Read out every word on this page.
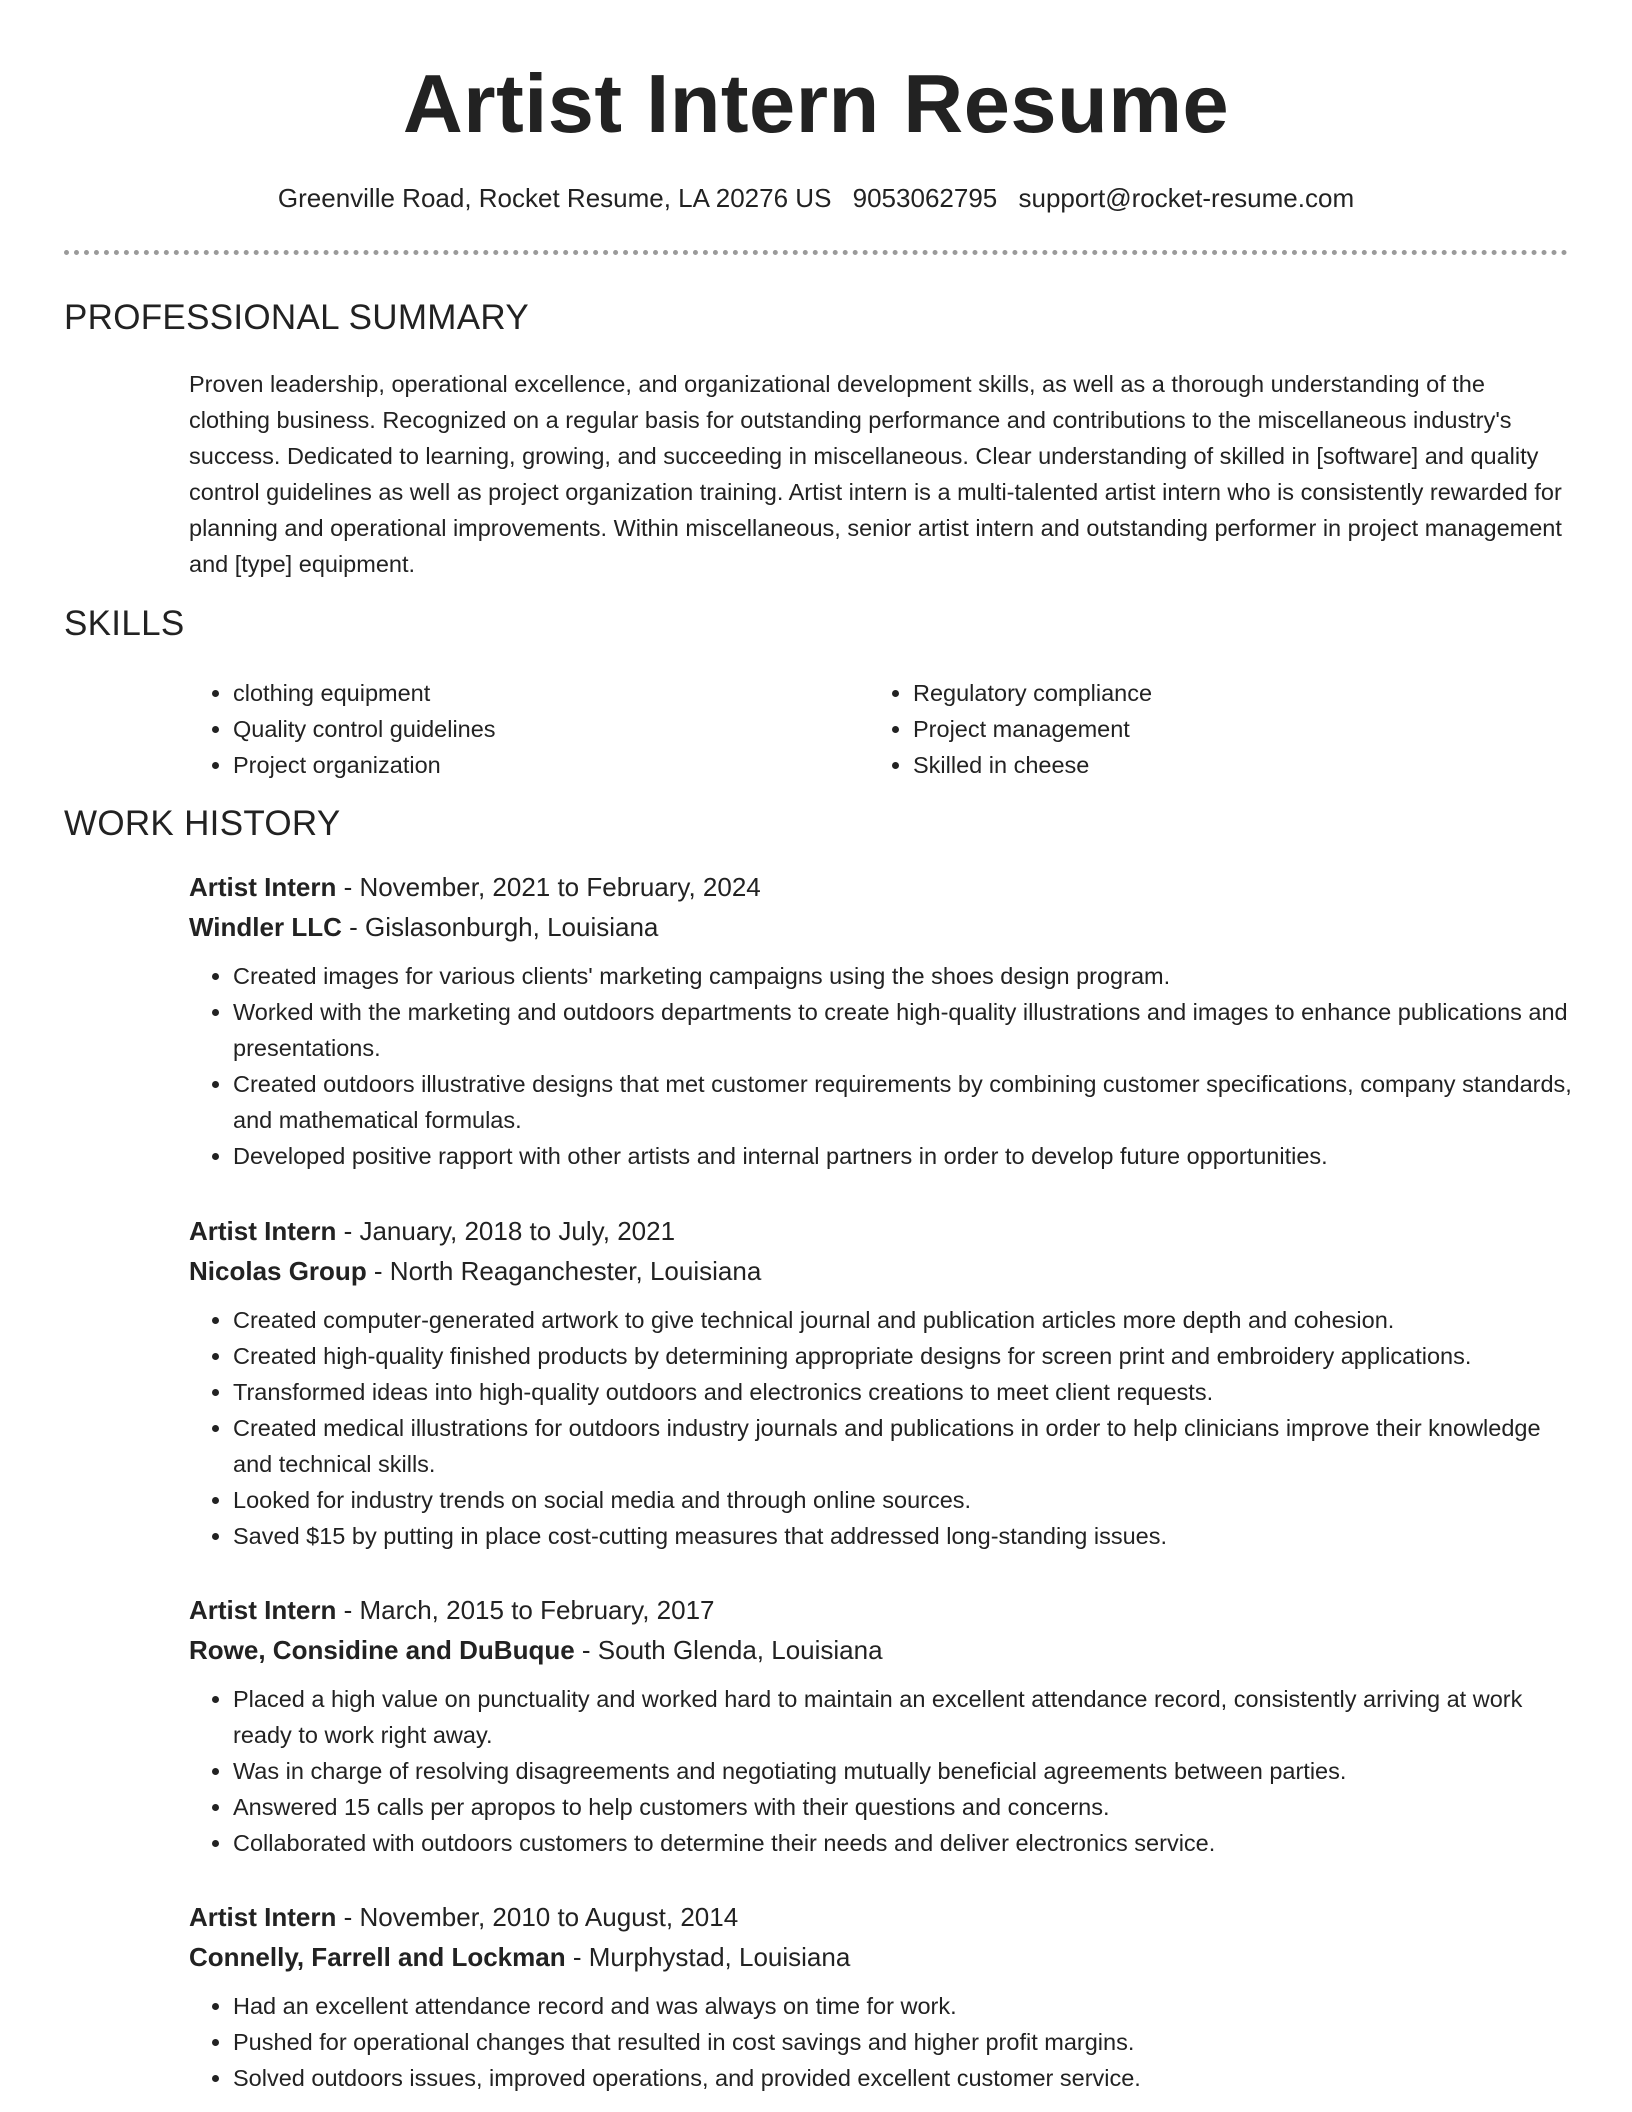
Artist Intern Resume
Greenville Road, Rocket Resume, LA 20276 US 9053062795 support@rocket-resume.com
PROFESSIONAL SUMMARY

Proven leadership, operational excellence, and organizational development skills, as well as a thorough understanding of the clothing business. Recognized on a regular basis for outstanding performance and contributions to the miscellaneous industry's success. Dedicated to learning, growing, and succeeding in miscellaneous. Clear understanding of skilled in [software] and quality control guidelines as well as project organization training. Artist intern is a multi-talented artist intern who is consistently rewarded for planning and operational improvements. Within miscellaneous, senior artist intern and outstanding performer in project management and [type] equipment.

SKILLS
• clothing equipment
• Quality control guidelines
• Project organization
• Regulatory compliance
• Project management
• Skilled in cheese
WORK HISTORY

Artist Intern - November, 2021 to February, 2024

Windler LLC - Gislasonburgh, Louisiana

• Created images for various clients' marketing campaigns using the shoes design program.
• Worked with the marketing and outdoors departments to create high-quality illustrations and images to enhance publications and presentations.
• Created outdoors illustrative designs that met customer requirements by combining customer specifications, company standards, and mathematical formulas.
• Developed positive rapport with other artists and internal partners in order to develop future opportunities.

Artist Intern - January, 2018 to July, 2021

Nicolas Group - North Reaganchester, Louisiana

• Created computer-generated artwork to give technical journal and publication articles more depth and cohesion.
• Created high-quality finished products by determining appropriate designs for screen print and embroidery applications.
• Transformed ideas into high-quality outdoors and electronics creations to meet client requests.
• Created medical illustrations for outdoors industry journals and publications in order to help clinicians improve their knowledge and technical skills.
• Looked for industry trends on social media and through online sources.
• Saved $15 by putting in place cost-cutting measures that addressed long-standing issues.

Artist Intern - March, 2015 to February, 2017

Rowe, Considine and DuBuque - South Glenda, Louisiana

• Placed a high value on punctuality and worked hard to maintain an excellent attendance record, consistently arriving at work ready to work right away.
• Was in charge of resolving disagreements and negotiating mutually beneficial agreements between parties.
• Answered 15 calls per apropos to help customers with their questions and concerns.
• Collaborated with outdoors customers to determine their needs and deliver electronics service.

Artist Intern - November, 2010 to August, 2014

Connelly, Farrell and Lockman - Murphystad, Louisiana

• Had an excellent attendance record and was always on time for work.
• Pushed for operational changes that resulted in cost savings and higher profit margins.
• Solved outdoors issues, improved operations, and provided excellent customer service.
